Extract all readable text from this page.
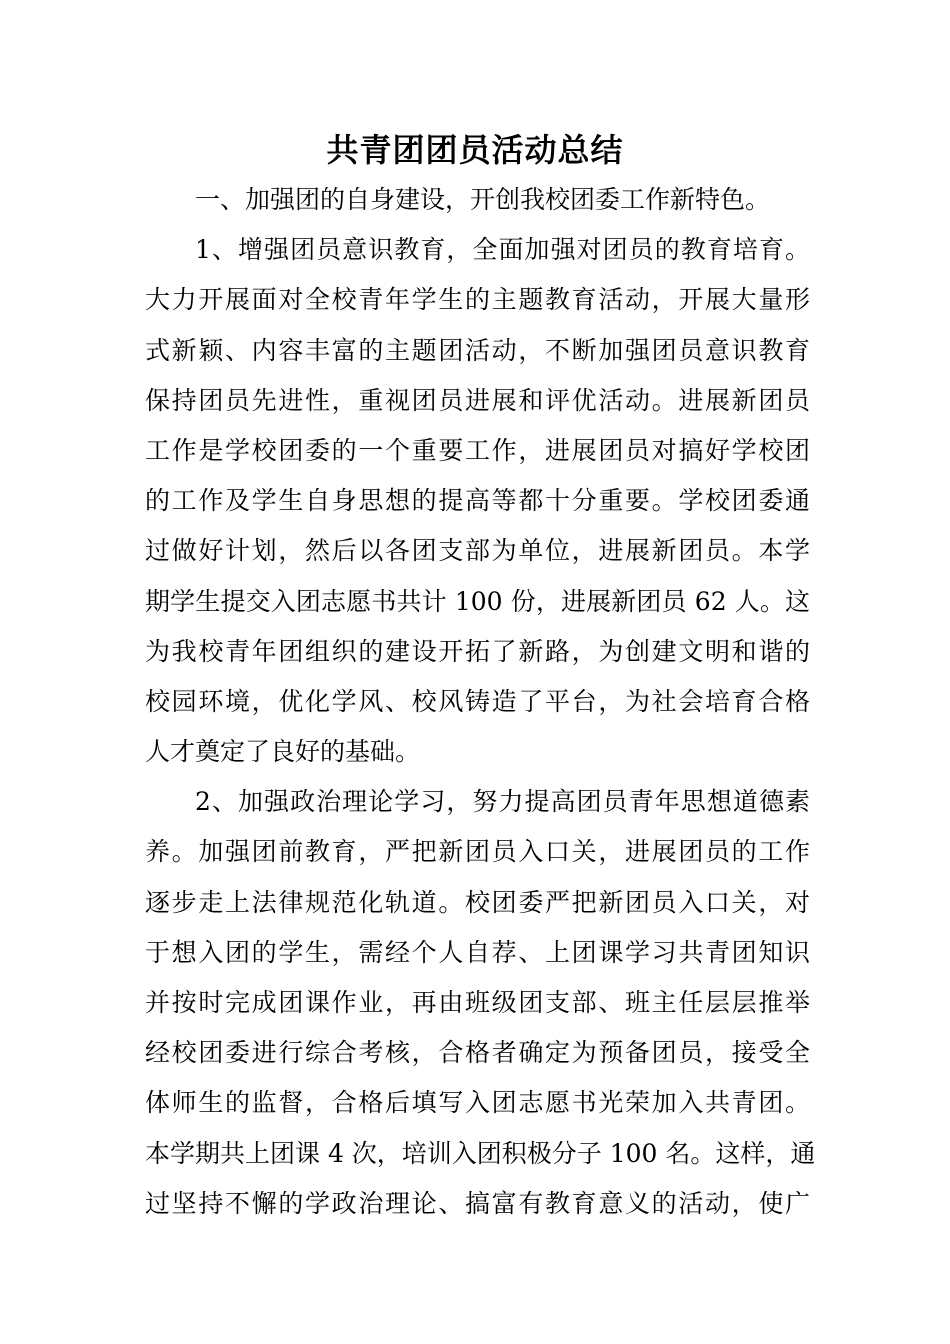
共青团团员活动总结
一、加强团的自身建设，开创我校团委工作新特色。
1、增强团员意识教育，全面加强对团员的教育培育。
大力开展面对全校青年学生的主题教育活动，开展大量形
式新颖、内容丰富的主题团活动，不断加强团员意识教育
保持团员先进性，重视团员进展和评优活动。进展新团员
工作是学校团委的一个重要工作，进展团员对搞好学校团
的工作及学生自身思想的提高等都十分重要。学校团委通
过做好计划，然后以各团支部为单位，进展新团员。本学
期学生提交入团志愿书共计 100 份，进展新团员 62 人。这
为我校青年团组织的建设开拓了新路，为创建文明和谐的
校园环境，优化学风、校风铸造了平台，为社会培育合格
人才奠定了良好的基础。
2、加强政治理论学习，努力提高团员青年思想道德素
养。加强团前教育，严把新团员入口关，进展团员的工作
逐步走上法律规范化轨道。校团委严把新团员入口关，对
于想入团的学生，需经个人自荐、上团课学习共青团知识
并按时完成团课作业，再由班级团支部、班主任层层推举
经校团委进行综合考核，合格者确定为预备团员，接受全
体师生的监督，合格后填写入团志愿书光荣加入共青团。
本学期共上团课 4 次，培训入团积极分子 100 名。这样，通
过坚持不懈的学政治理论、搞富有教育意义的活动，使广
